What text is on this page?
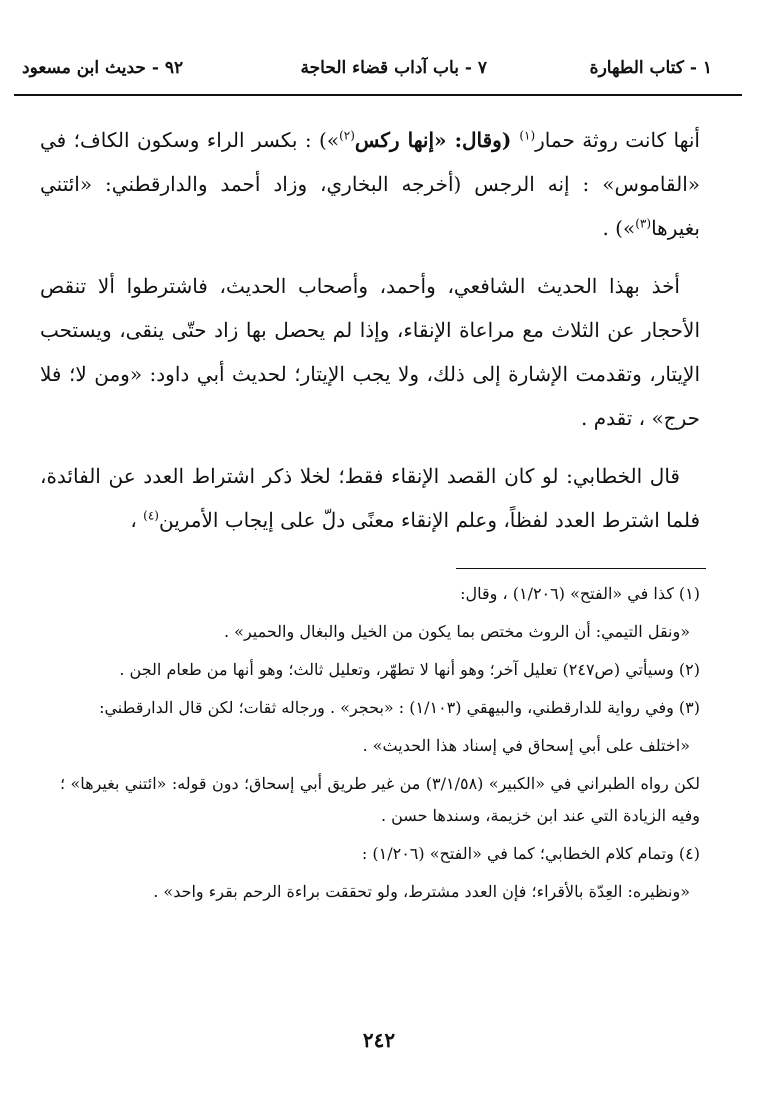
١ - كتاب الطهارة
٧ - باب آداب قضاء الحاجة
٩٢ - حديث ابن مسعود

أنها كانت روثة حمار$^{(١)}$ (وقال: «إنها ركس$^{(٢)}$») : بكسر الراء وسكون الكاف؛ في «القاموس» : إنه الرجس (أخرجه البخاري، وزاد أحمد والدارقطني: «ائتني بغيرها$^{(٣)}$») .

أخذ بهذا الحديث الشافعي، وأحمد، وأصحاب الحديث، فاشترطوا ألا تنقص الأحجار عن الثلاث مع مراعاة الإنقاء، وإذا لم يحصل بها زاد حتّى ينقى، ويستحب الإيتار، وتقدمت الإشارة إلى ذلك، ولا يجب الإيتار؛ لحديث أبي داود: «ومن لا؛ فلا حرج» ، تقدم .

قال الخطابي: لو كان القصد الإنقاء فقط؛ لخلا ذكر اشتراط العدد عن الفائدة، فلما اشترط العدد لفظاً، وعلم الإنقاء معنًى دلّ على إيجاب الأمرين$^{(٤)}$ ،

(١) كذا في «الفتح» (١/٢٠٦) ، وقال:

«ونقل التيمي: أن الروث مختص بما يكون من الخيل والبغال والحمير» .

(٢) وسيأتي (ص٢٤٧) تعليل آخر؛ وهو أنها لا تطهّر، وتعليل ثالث؛ وهو أنها من طعام الجن .

(٣) وفي رواية للدارقطني، والبيهقي (١/١٠٣) : «بحجر» . ورجاله ثقات؛ لكن قال الدارقطني:

«اختلف على أبي إسحاق في إسناد هذا الحديث» .

لكن رواه الطبراني في «الكبير» (٣/١/٥٨) من غير طريق أبي إسحاق؛ دون قوله: «ائتني بغيرها» ؛ وفيه الزيادة التي عند ابن خزيمة، وسندها حسن .

(٤) وتمام كلام الخطابي؛ كما في «الفتح» (١/٢٠٦) :

«ونظيره: العِدّة بالأقراء؛ فإن العدد مشترط، ولو تحققت براءة الرحم بقرء واحد» .

٢٤٢
